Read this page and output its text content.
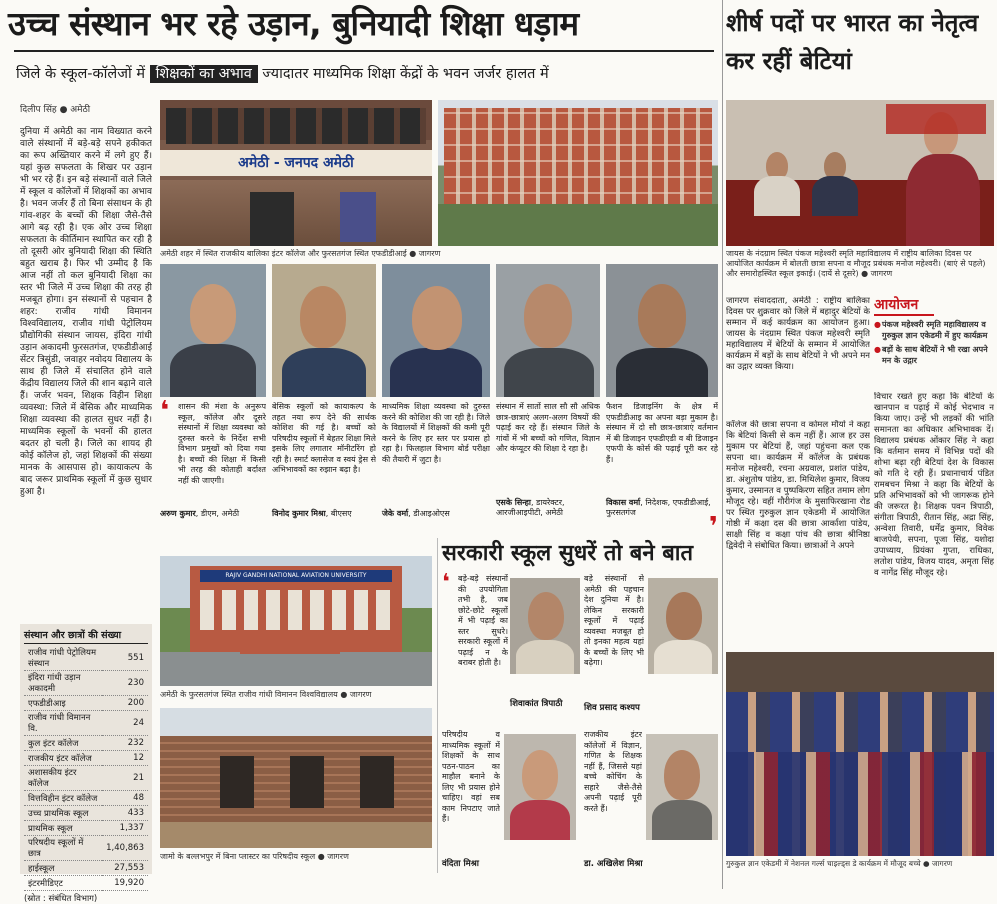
उच्च संस्थान भर रहे उड़ान, बुनियादी शिक्षा धड़ाम
जिले के स्कूल-कॉलेजों में शिक्षकों का अभाव ज्यादातर माध्यमिक शिक्षा केंद्रों के भवन जर्जर हालत में
दिलीप सिंह ● अमेठी
दुनिया में अमेठी का नाम विख्यात करने वाले संस्थानों में बड़े-बड़े सपने हकीकत का रूप अख्तियार करने में लगे हुए हैं। यहां कुछ सफलता के शिखर पर उड़ान भी भर रहे हैं। इन बड़े संस्थानों वाले जिले में स्कूल व कॉलेजों में शिक्षकों का अभाव है। भवन जर्जर हैं तो बिना संसाधन के ही गांव-शहर के बच्चों की शिक्षा जैसे-तैसे आगे बढ़ रही है। एक ओर उच्च शिक्षा सफलता के कीर्तिमान स्थापित कर रही है तो दूसरी ओर बुनियादी शिक्षा की स्थिति बहुत खराब है। फिर भी उम्मीद है कि आज नहीं तो कल बुनियादी शिक्षा का स्तर भी जिले में उच्च शिक्षा की तरह ही मजबूत होगा। इन संस्थानों से पहचान है शहर: राजीव गांधी विमानन विश्वविद्यालय, राजीव गांधी पेट्रोलियम प्रौद्योगिकी संस्थान जायस, इंदिरा गांधी उड़ान अकादमी फुरसतगंज, एफडीडीआई सेंटर त्रिसुंडी, जवाहर नवोदय विद्यालय के साथ ही जिले में संचालित होने वाले केंद्रीय विद्यालय जिले की शान बढ़ाने वाले हैं। जर्जर भवन, शिक्षक विहीन शिक्षा व्यवस्था: जिले में बेसिक और माध्यमिक शिक्षा व्यवस्था की हालत सुधर नहीं है। माध्यमिक स्कूलों के भवनों की हालत बदतर हो चली है। जिले का शायद ही कोई कॉलेज हो, जहां शिक्षकों की संख्या मानक के आसपास हो। कायाकल्प के बाद जरूर प्राथमिक स्कूलों में कुछ सुधार हुआ है।
अमेठी - जनपद अमेठी
अमेठी शहर में स्थित राजकीय बालिका इंटर कॉलेज और फुरसतगंज स्थित एफडीडीआई ● जागरण
❛	शासन की मंशा के अनुरूप स्कूल, कॉलेज और दूसरे संस्थानों में शिक्षा व्यवस्था को दुरुस्त करने के निर्देश सभी विभाग प्रमुखों को दिया गया है। बच्चों की शिक्षा में किसी भी तरह की कोताही बर्दाश्त नहीं की जाएगी।
अरुण कुमार, डीएम, अमेठी
बेसिक स्कूलों को कायाकल्प के तहत नया रूप देने की सार्थक कोशिश की गई है। बच्चों को परिषदीय स्कूलों में बेहतर शिक्षा मिले इसके लिए लगातार मॉनीटरिंग हो रही है। स्मार्ट क्लासेज व स्वयं ड्रेस से अभिभावकों का रुझान बढ़ा है।
विनोद कुमार मिश्रा, बीएसए
माध्यमिक शिक्षा व्यवस्था को दुरुस्त करने की कोशिश की जा रही है। जिले के विद्यालयों में शिक्षकों की कमी पूरी करने के लिए हर स्तर पर प्रयास हो रहा है। फिलहाल विभाग बोर्ड परीक्षा की तैयारी में जुटा है।
जेके वर्मा, डीआइओएस
संस्थान में सातों साल सौ सौ अधिक छात्र-छात्राएं अलग-अलग विषयों की पढ़ाई कर रहे हैं। संस्थान जिले के गांवों में भी बच्चों को गणित, विज्ञान और कंप्यूटर की शिक्षा दे रहा है।
एसके सिन्हा, डायरेक्टर, आरजीआइपीटी, अमेठी
फैशन डिजाइनिंग के क्षेत्र में एफडीडीआइ का अपना बड़ा मुकाम है। संस्थान में दो सौ छात्र-छात्राएं वर्तमान में बी डिजाइन एफडीएडी व बी डिजाइन एफपी के कोर्स की पढ़ाई पूरी कर रहे हैं।
विकास वर्मा, निदेशक, एफडीडीआई, फुरसतगंज	❜
संस्थान और छात्रों की संख्या
राजीव गांधी पेट्रोलियम संस्थान	551
इंदिरा गांधी उड़ान अकादमी	230
एफडीडीआइ	200
राजीव गांधी विमानन वि.	24
कुल इंटर कॉलेज	232
राजकीय इंटर कॉलेज	12
अशासकीय इंटर कॉलेज	21
वित्तविहीन इंटर कॉलेज	48
उच्च प्राथमिक स्कूल	433
प्राथमिक स्कूल	1,337
परिषदीय स्कूलों में छात्र	1,40,863
हाईस्कूल	27,553
इंटरमीडिएट	19,920
(स्रोत : संबंधित विभाग)
RAJIV GANDHI NATIONAL AVIATION UNIVERSITY
अमेठी के फुरसतगंज स्थित राजीव गांधी विमानन विश्वविद्यालय ● जागरण
जामो के बल्लभपुर में बिना प्लास्टर का परिषदीय स्कूल ● जागरण
सरकारी स्कूल सुधरें तो बने बात
❛ बड़े-बड़े संस्थानों की उपयोगिता तभी है, जब छोटे-छोटे स्कूलों में भी पढ़ाई का स्तर सुधरे। सरकारी स्कूलों में पढ़ाई न के बराबर होती है।
शिवाकांत त्रिपाठी
बड़े संस्थानों से अमेठी की पहचान देश दुनिया में है। लेकिन सरकारी स्कूलों में पढ़ाई व्यवस्था मजबूत हो तो इनका महत्व यहां के बच्चों के लिए भी बढ़ेगा।
शिव प्रसाद कश्यप
परिषदीय व माध्यमिक स्कूलों में शिक्षकों के साथ पठन-पाठन का माहौल बनाने के लिए भी प्रयास होने चाहिए। वहां सब काम निपटाए जाते हैं।
वंदिता मिश्रा
राजकीय इंटर कॉलेजों में विज्ञान, गणित के शिक्षक नहीं हैं, जिससे यहां बच्चे कोचिंग के सहारे जैसे-तैसे अपनी पढ़ाई पूरी करते हैं।
डा. अखिलेश मिश्रा
शीर्ष पदों पर भारत का नेतृत्व कर रहीं बेटियां
जायस के नंदग्राम स्थित पंकज महेश्वरी स्मृति महाविद्यालय में राष्ट्रीय बालिका दिवस पर आयोजित कार्यक्रम में बोलती छात्रा सपना व मौजूद प्रबंधक मनोज महेश्वरी। (बाएं से पहले) और समारोहस्थित स्कूल इकाई। (दायें से दूसरे) ● जागरण
जागरण संवाददाता, अमेठी : राष्ट्रीय बालिका दिवस पर शुक्रवार को जिले में बहादुर बेटियों के सम्मान में कई कार्यक्रम का आयोजन हुआ। जायस के नंदग्राम स्थित पंकज महेश्वरी स्मृति महाविद्यालय में बेटियों के सम्मान में आयोजित कार्यक्रम में बड़ों के साथ बेटियों ने भी अपने मन का उद्गार व्यक्त किया।
आयोजन
● पंकज महेश्वरी स्मृति महाविद्यालय व गुरुकुल ज्ञान एकेडमी में हुए कार्यक्रम
● बड़ों के साथ बेटियों ने भी रखा अपने मन के उद्गार
कॉलेज की छात्रा सपना व कोमल मौर्या ने कहा कि बेटियां किसी से कम नहीं हैं। आज हर उस मुकाम पर बेटियां हैं, जहां पहुंचना कल एक सपना था। कार्यक्रम में कॉलेज के प्रबंधक मनोज महेश्वरी, रचना अग्रवाल, प्रशांत पांडेय, डा. अंशुतोष पांडेय, डा. मिथिलेश कुमार, विजय कुमार, उस्मानत व पुष्पकिरण सहित तमाम लोग मौजूद रहे। वहीं गौरीगंज के मुसाफिरखाना रोड पर स्थित गुरुकुल ज्ञान एकेडमी में आयोजित गोष्ठी में कक्षा दस की छात्रा आर्कांशा पांडेय, साक्षी सिंह व कक्षा पांच की छात्रा श्रीनिष्ठा द्विवेदी ने संबोधित किया। छात्राओं ने अपने
विचार रखते हुए कहा कि बेटियों के खानपान व पढ़ाई में कोई भेदभाव न किया जाए। उन्हें भी लड़कों की भांति समानता का अधिकार अभिभावक दें। विद्यालय प्रबंधक ओंकार सिंह ने कहा कि वर्तमान समय में विभिन्न पदों की शोभा बढ़ा रही बेटियां देश के विकास को गति दे रही हैं। प्रधानाचार्य पंडित रामबचन मिश्रा ने कहा कि बेटियों के प्रति अभिभावकों को भी जागरूक होने की जरूरत है। शिक्षक पवन त्रिपाठी, संगीता त्रिपाठी, रीतान सिंह, अद्रा सिंह, अन्वेशा तिवारी, धर्मेंद्र कुमार, विवेक बाजपेयी, सपना, पूजा सिंह, यशोदा उपाध्याय, प्रियंका गुप्ता, राधिका, लतोश पांडेय, विजय यादव, अमृता सिंह व नागेंद्र सिंह मौजूद रहे।
गुरुकुल ज्ञान एकेडमी में नेशनल गर्ल्स चाइल्ड्स डे कार्यक्रम में मौजूद बच्चे ● जागरण
